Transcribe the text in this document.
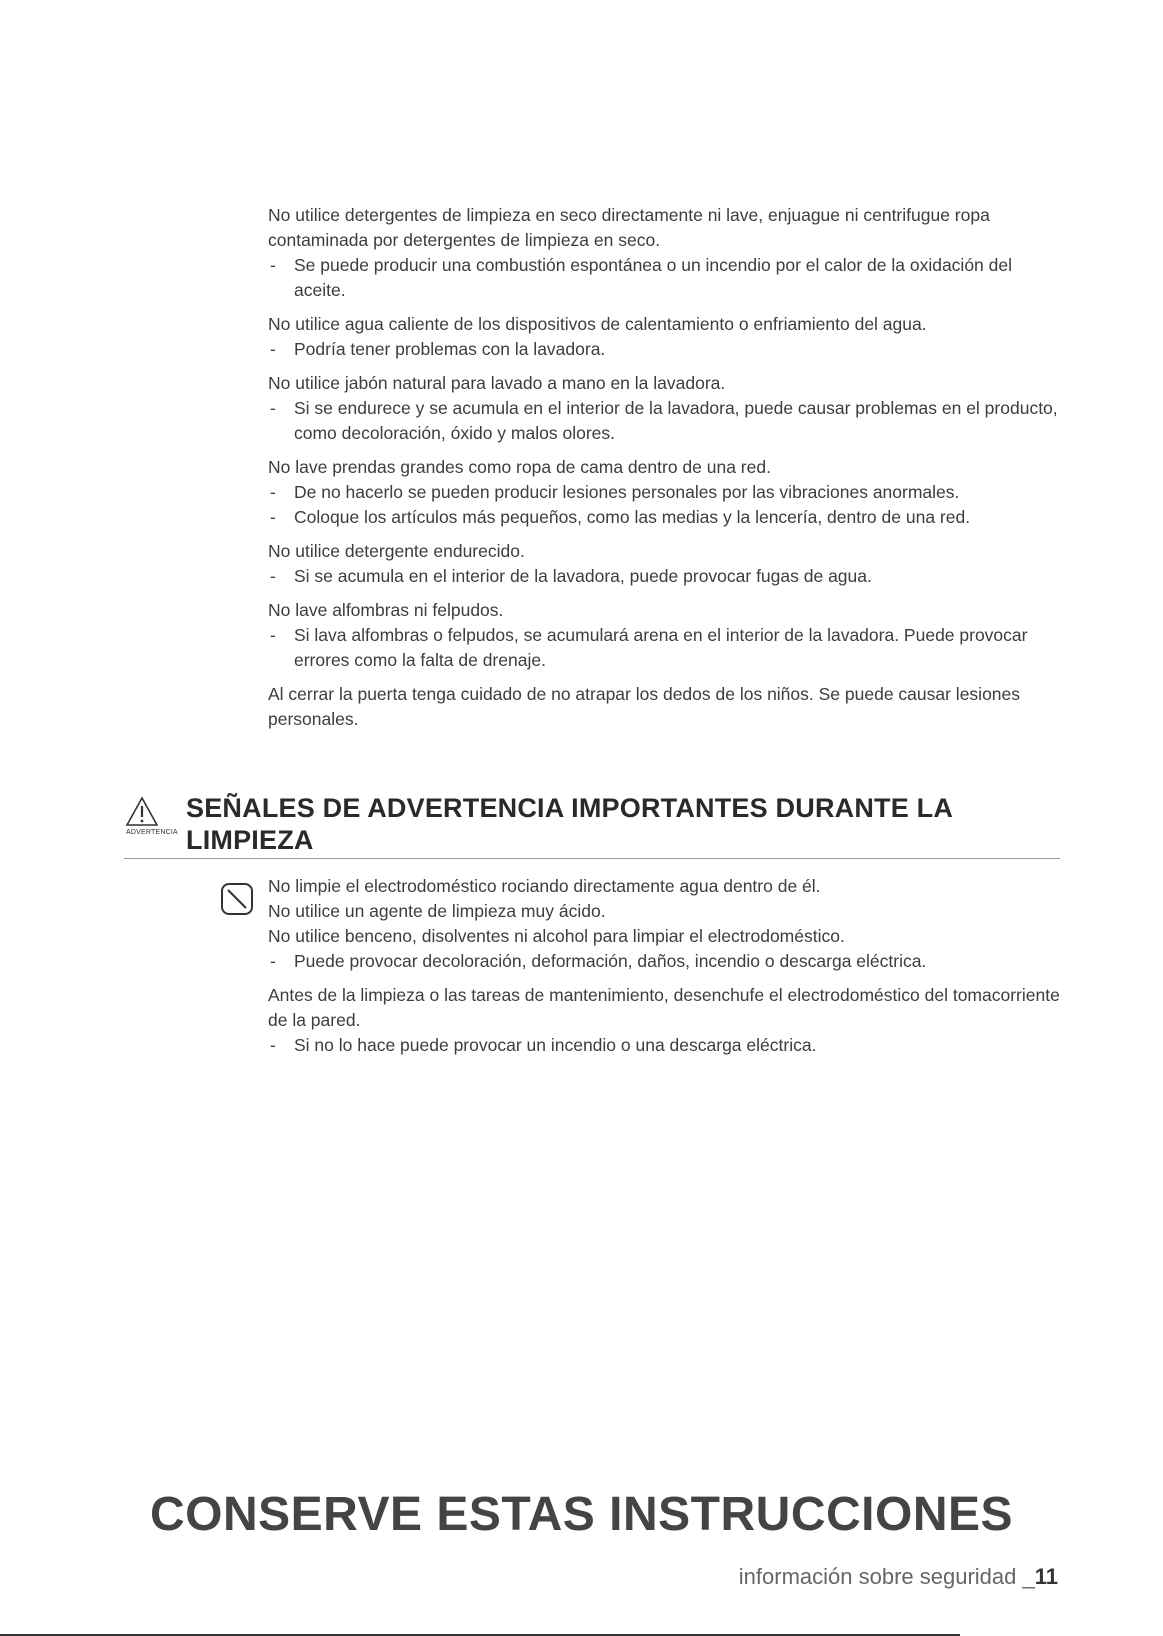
No utilice detergentes de limpieza en seco directamente ni lave, enjuague ni centrifugue ropa contaminada por detergentes de limpieza en seco.

- Se puede producir una combustión espontánea o un incendio por el calor de la oxidación del aceite.

No utilice agua caliente de los dispositivos de calentamiento o enfriamiento del agua.

- Podría tener problemas con la lavadora.

No utilice jabón natural para lavado a mano en la lavadora.

- Si se endurece y se acumula en el interior de la lavadora, puede causar problemas en el producto, como decoloración, óxido y malos olores.

No lave prendas grandes como ropa de cama dentro de una red.

- De no hacerlo se pueden producir lesiones personales por las vibraciones anormales.

- Coloque los artículos más pequeños, como las medias y la lencería, dentro de una red.

No utilice detergente endurecido.

- Si se acumula en el interior de la lavadora, puede provocar fugas de agua.

No lave alfombras ni felpudos.

- Si lava alfombras o felpudos, se acumulará arena en el interior de la lavadora. Puede provocar errores como la falta de drenaje.

Al cerrar la puerta tenga cuidado de no atrapar los dedos de los niños. Se puede causar lesiones personales.

ADVERTENCIA
SEÑALES DE ADVERTENCIA IMPORTANTES DURANTE LA
LIMPIEZA

No limpie el electrodoméstico rociando directamente agua dentro de él.

No utilice un agente de limpieza muy ácido.

No utilice benceno, disolventes ni alcohol para limpiar el electrodoméstico.

- Puede provocar decoloración, deformación, daños, incendio o descarga eléctrica.

Antes de la limpieza o las tareas de mantenimiento, desenchufe el electrodoméstico del tomacorriente de la pared.

- Si no lo hace puede provocar un incendio o una descarga eléctrica.

CONSERVE ESTAS INSTRUCCIONES
información sobre seguridad _11
